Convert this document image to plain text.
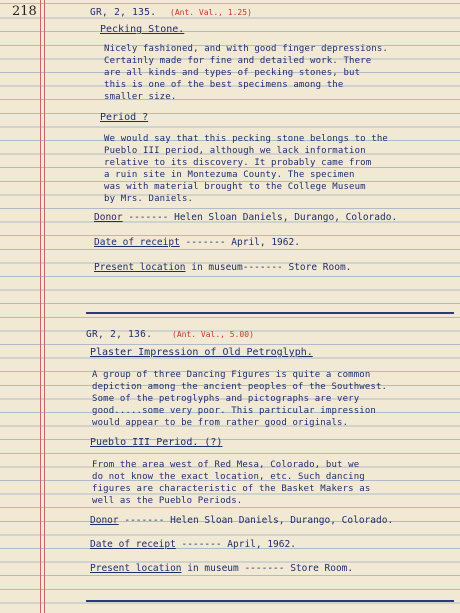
218	GR, 2, 135. (Ant. Val., 1.25)
Pecking Stone.
Nicely fashioned, and with good finger depressions.
Certainly made for fine and detailed work. There
are all kinds and types of pecking stones, but
this is one of the best specimens among the
smaller size.
Period ?
We would say that this pecking stone belongs to the
Pueblo III period, although we lack information
relative to its discovery. It probably came from
a ruin site in Montezuma County. The specimen
was with material brought to the College Museum
by Mrs. Daniels.
Donor ------- Helen Sloan Daniels, Durango, Colorado.
Date of receipt ------- April, 1962.
Present location in museum------- Store Room.
GR, 2, 136. (Ant. Val., 5.00)
Plaster Impression of Old Petroglyph.
A group of three Dancing Figures is quite a common
depiction among the ancient peoples of the Southwest.
Some of the petroglyphs and pictographs are very
good.....some very poor. This particular impression
would appear to be from rather good originals.
Pueblo III Period. (?)
From the area west of Red Mesa, Colorado, but we
do not know the exact location, etc. Such dancing
figures are characteristic of the Basket Makers as
well as the Pueblo Periods.
Donor ------- Helen Sloan Daniels, Durango, Colorado.
Date of receipt ------- April, 1962.
Present location in museum ------- Store Room.
